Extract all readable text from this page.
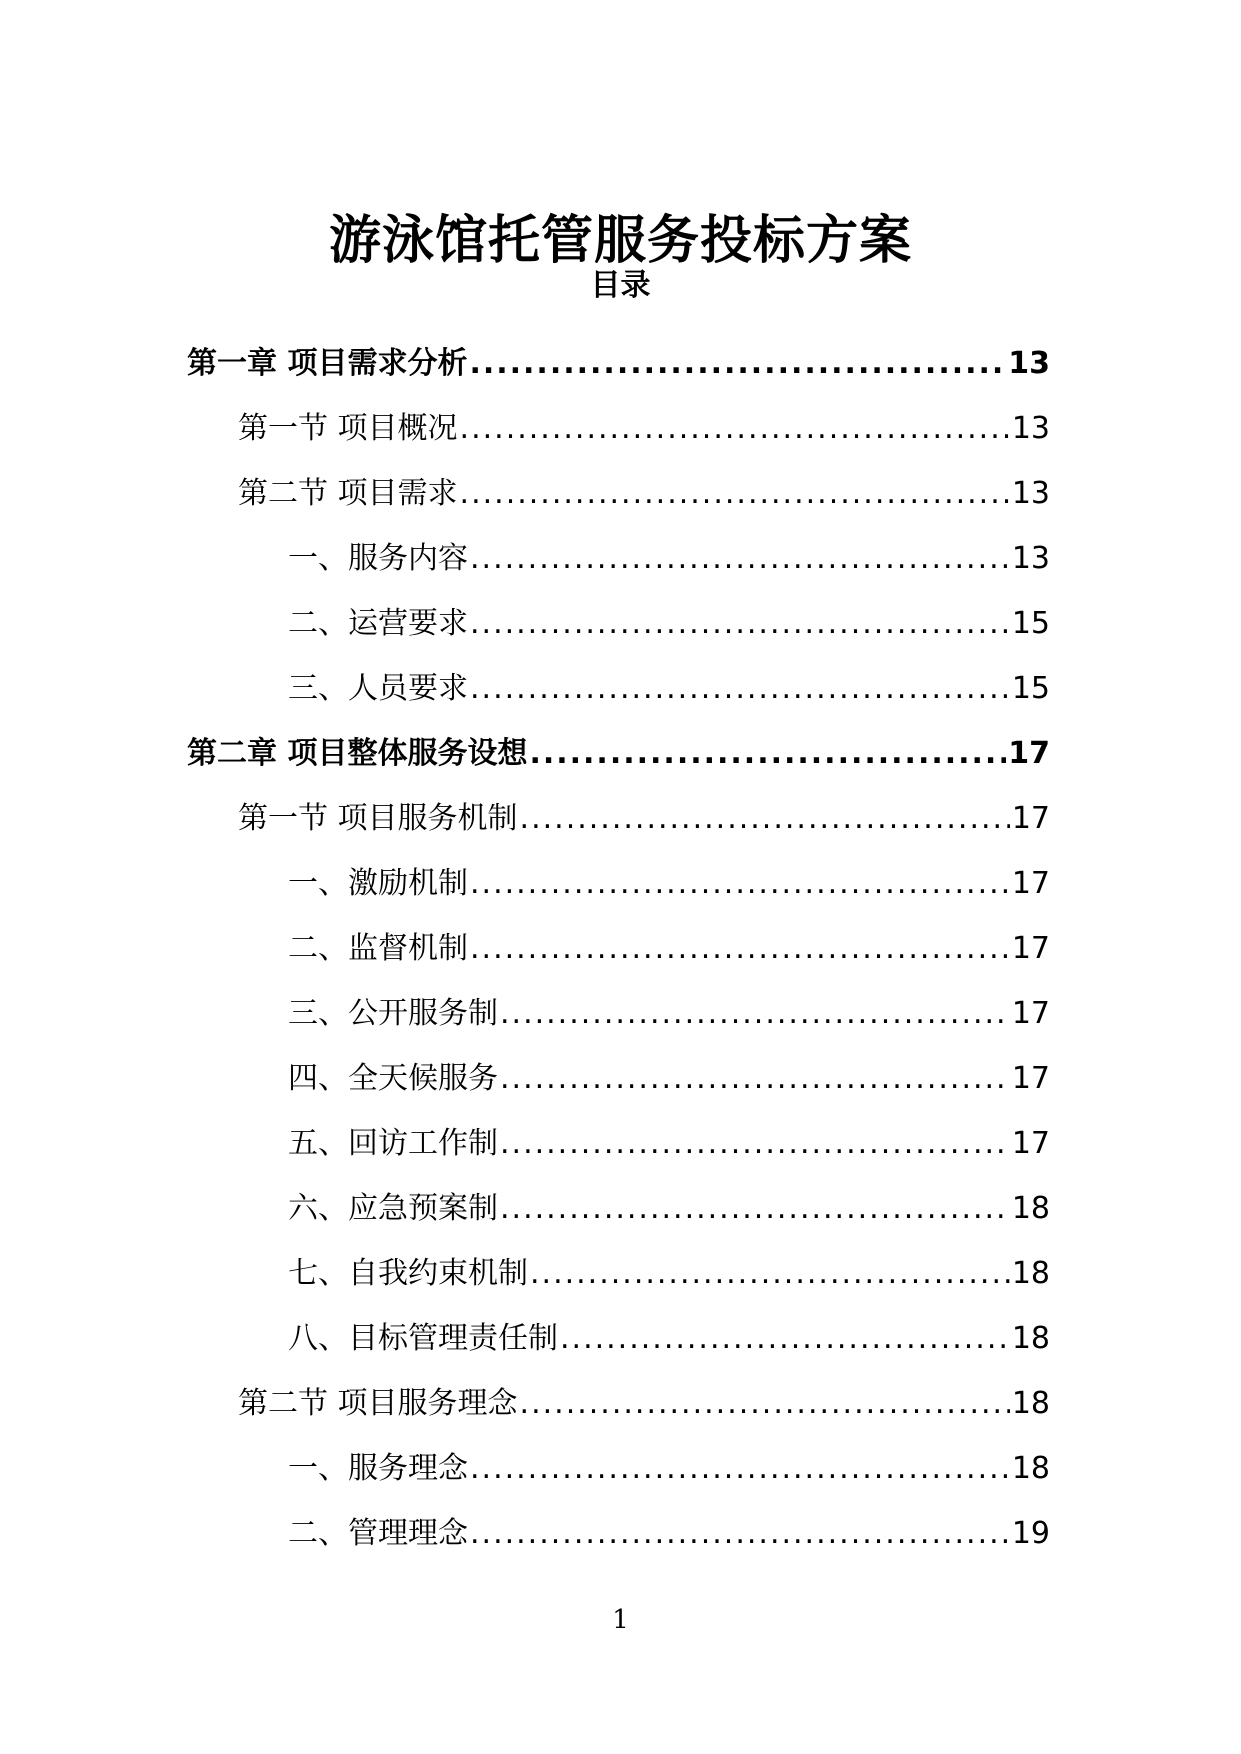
游泳馆托管服务投标方案
目录
第一章 项目需求分析 .....	13
第一节 项目概况 .....	13
第二节 项目需求 .....	13
一、服务内容 .....	13
二、运营要求 .....	15
三、人员要求 .....	15
第二章 项目整体服务设想 .....	17
第一节 项目服务机制 .....	17
一、激励机制 .....	17
二、监督机制 .....	17
三、公开服务制 .....	17
四、全天候服务 .....	17
五、回访工作制 .....	17
六、应急预案制 .....	18
七、自我约束机制 .....	18
八、目标管理责任制 .....	18
第二节 项目服务理念 .....	18
一、服务理念 .....	18
二、管理理念 .....	19
1
